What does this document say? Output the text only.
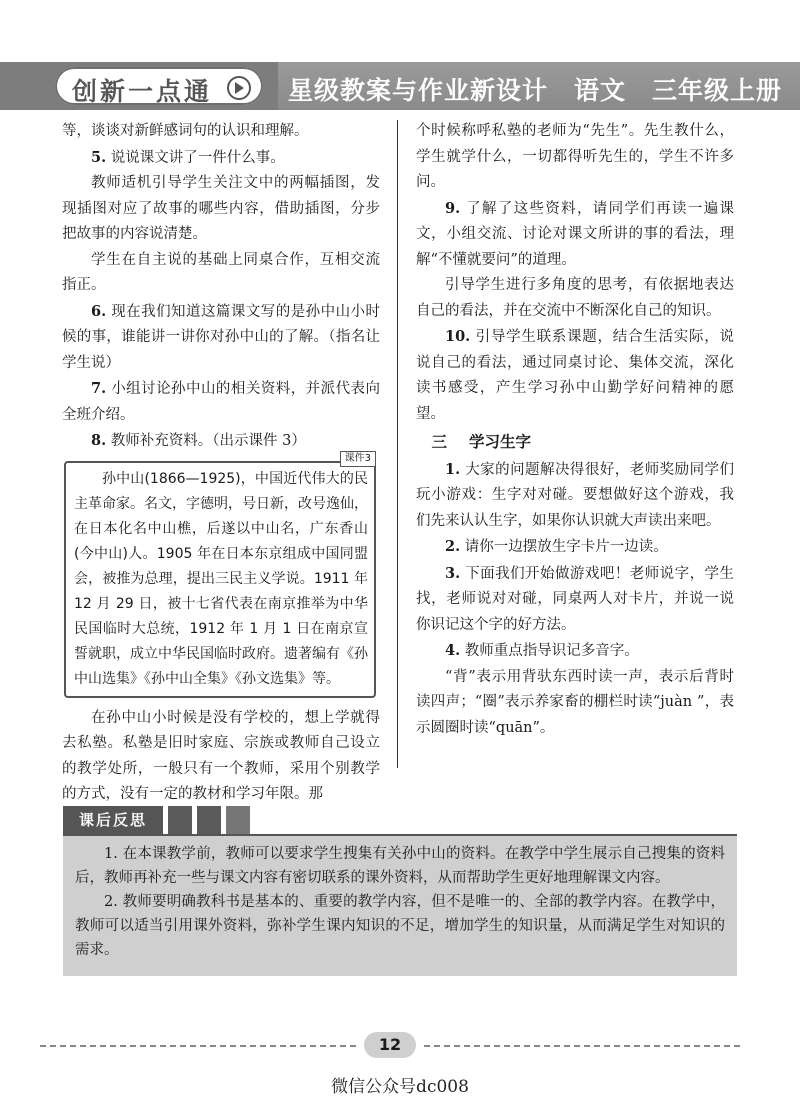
创新一点通	星级教案与作业新设计　语文　三年级上册

等，谈谈对新鲜感词句的认识和理解。

5. 说说课文讲了一件什么事。

教师适机引导学生关注文中的两幅插图，发现插图对应了故事的哪些内容，借助插图，分步把故事的内容说清楚。

学生在自主说的基础上同桌合作，互相交流指正。

6. 现在我们知道这篇课文写的是孙中山小时候的事，谁能讲一讲你对孙中山的了解。（指名让学生说）

7. 小组讨论孙中山的相关资料，并派代表向全班介绍。

8. 教师补充资料。（出示课件 3）

课件3

孙中山(1866—1925)，中国近代伟大的民主革命家。名文，字德明，号日新，改号逸仙，在日本化名中山樵，后遂以中山名，广东香山(今中山)人。1905 年在日本东京组成中国同盟会，被推为总理，提出三民主义学说。1911 年 12 月 29 日，被十七省代表在南京推举为中华民国临时大总统，1912 年 1 月 1 日在南京宣誓就职，成立中华民国临时政府。遗著编有《孙中山选集》《孙中山全集》《孙文选集》等。

在孙中山小时候是没有学校的，想上学就得去私塾。私塾是旧时家庭、宗族或教师自己设立的教学处所，一般只有一个教师，采用个别教学的方式，没有一定的教材和学习年限。那

个时候称呼私塾的老师为“先生”。先生教什么，学生就学什么，一切都得听先生的，学生不许多问。

9. 了解了这些资料，请同学们再读一遍课文，小组交流、讨论对课文所讲的事的看法，理解“不懂就要问”的道理。

引导学生进行多角度的思考，有依据地表达自己的看法，并在交流中不断深化自己的知识。

10. 引导学生联系课题，结合生活实际，说说自己的看法，通过同桌讨论、集体交流，深化读书感受，产生学习孙中山勤学好问精神的愿望。

　三 学习生字

1. 大家的问题解决得很好，老师奖励同学们玩小游戏：生字对对碰。要想做好这个游戏，我们先来认认生字，如果你认识就大声读出来吧。

2. 请你一边摆放生字卡片一边读。

3. 下面我们开始做游戏吧！老师说字，学生找，老师说对对碰，同桌两人对卡片，并说一说你识记这个字的好方法。

4. 教师重点指导识记多音字。

“背”表示用背驮东西时读一声，表示后背时读四声；“圈”表示养家畜的棚栏时读“juàn ”，表示圆圈时读“quān”。

课后反思

1. 在本课教学前，教师可以要求学生搜集有关孙中山的资料。在教学中学生展示自己搜集的资料后，教师再补充一些与课文内容有密切联系的课外资料，从而帮助学生更好地理解课文内容。

2. 教师要明确教科书是基本的、重要的教学内容，但不是唯一的、全部的教学内容。在教学中，教师可以适当引用课外资料，弥补学生课内知识的不足，增加学生的知识量，从而满足学生对知识的需求。

12
微信公众号dc008
